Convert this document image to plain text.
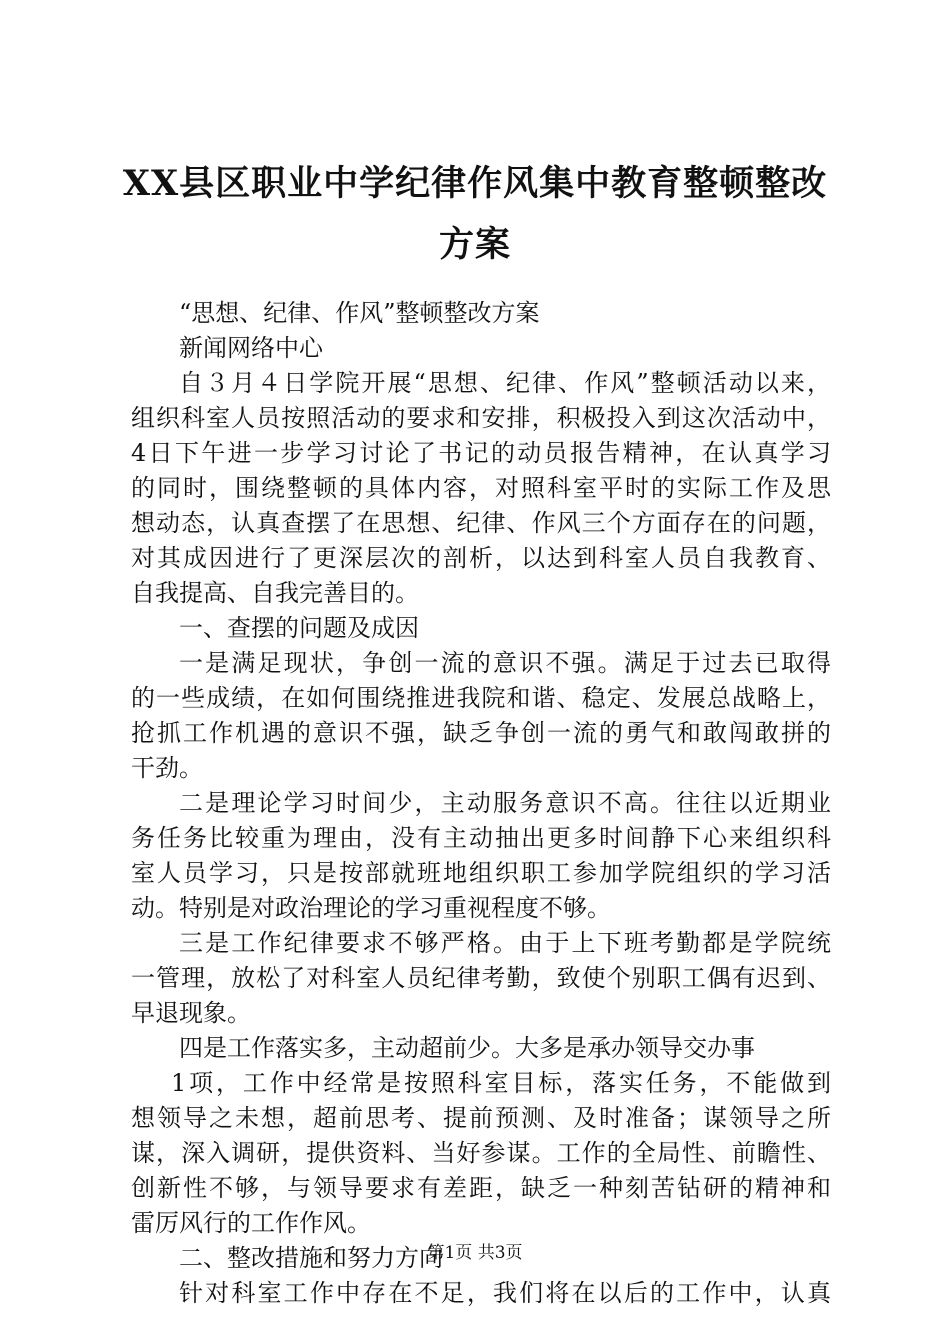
XX县区职业中学纪律作风集中教育整顿整改
方案
“思想、纪律、作风”整顿整改方案
新闻网络中心
自３月４日学院开展“思想、纪律、作风”整顿活动以来，
组织科室人员按照活动的要求和安排，积极投入到这次活动中，
4日下午进一步学习讨论了书记的动员报告精神，在认真学习
的同时，围绕整顿的具体内容，对照科室平时的实际工作及思
想动态，认真查摆了在思想、纪律、作风三个方面存在的问题，
对其成因进行了更深层次的剖析，以达到科室人员自我教育、
自我提高、自我完善目的。
一、查摆的问题及成因
一是满足现状，争创一流的意识不强。满足于过去已取得
的一些成绩，在如何围绕推进我院和谐、稳定、发展总战略上，
抢抓工作机遇的意识不强，缺乏争创一流的勇气和敢闯敢拼的
干劲。
二是理论学习时间少，主动服务意识不高。往往以近期业
务任务比较重为理由，没有主动抽出更多时间静下心来组织科
室人员学习，只是按部就班地组织职工参加学院组织的学习活
动。特别是对政治理论的学习重视程度不够。
三是工作纪律要求不够严格。由于上下班考勤都是学院统
一管理，放松了对科室人员纪律考勤，致使个别职工偶有迟到、
早退现象。
四是工作落实多，主动超前少。大多是承办领导交办事
1项，工作中经常是按照科室目标，落实任务，不能做到
想领导之未想，超前思考、提前预测、及时准备；谋领导之所
谋，深入调研，提供资料、当好参谋。工作的全局性、前瞻性、
创新性不够，与领导要求有差距，缺乏一种刻苦钻研的精神和
雷厉风行的工作作风。
二、整改措施和努力方向
针对科室工作中存在不足，我们将在以后的工作中，认真
第1页 共3页
